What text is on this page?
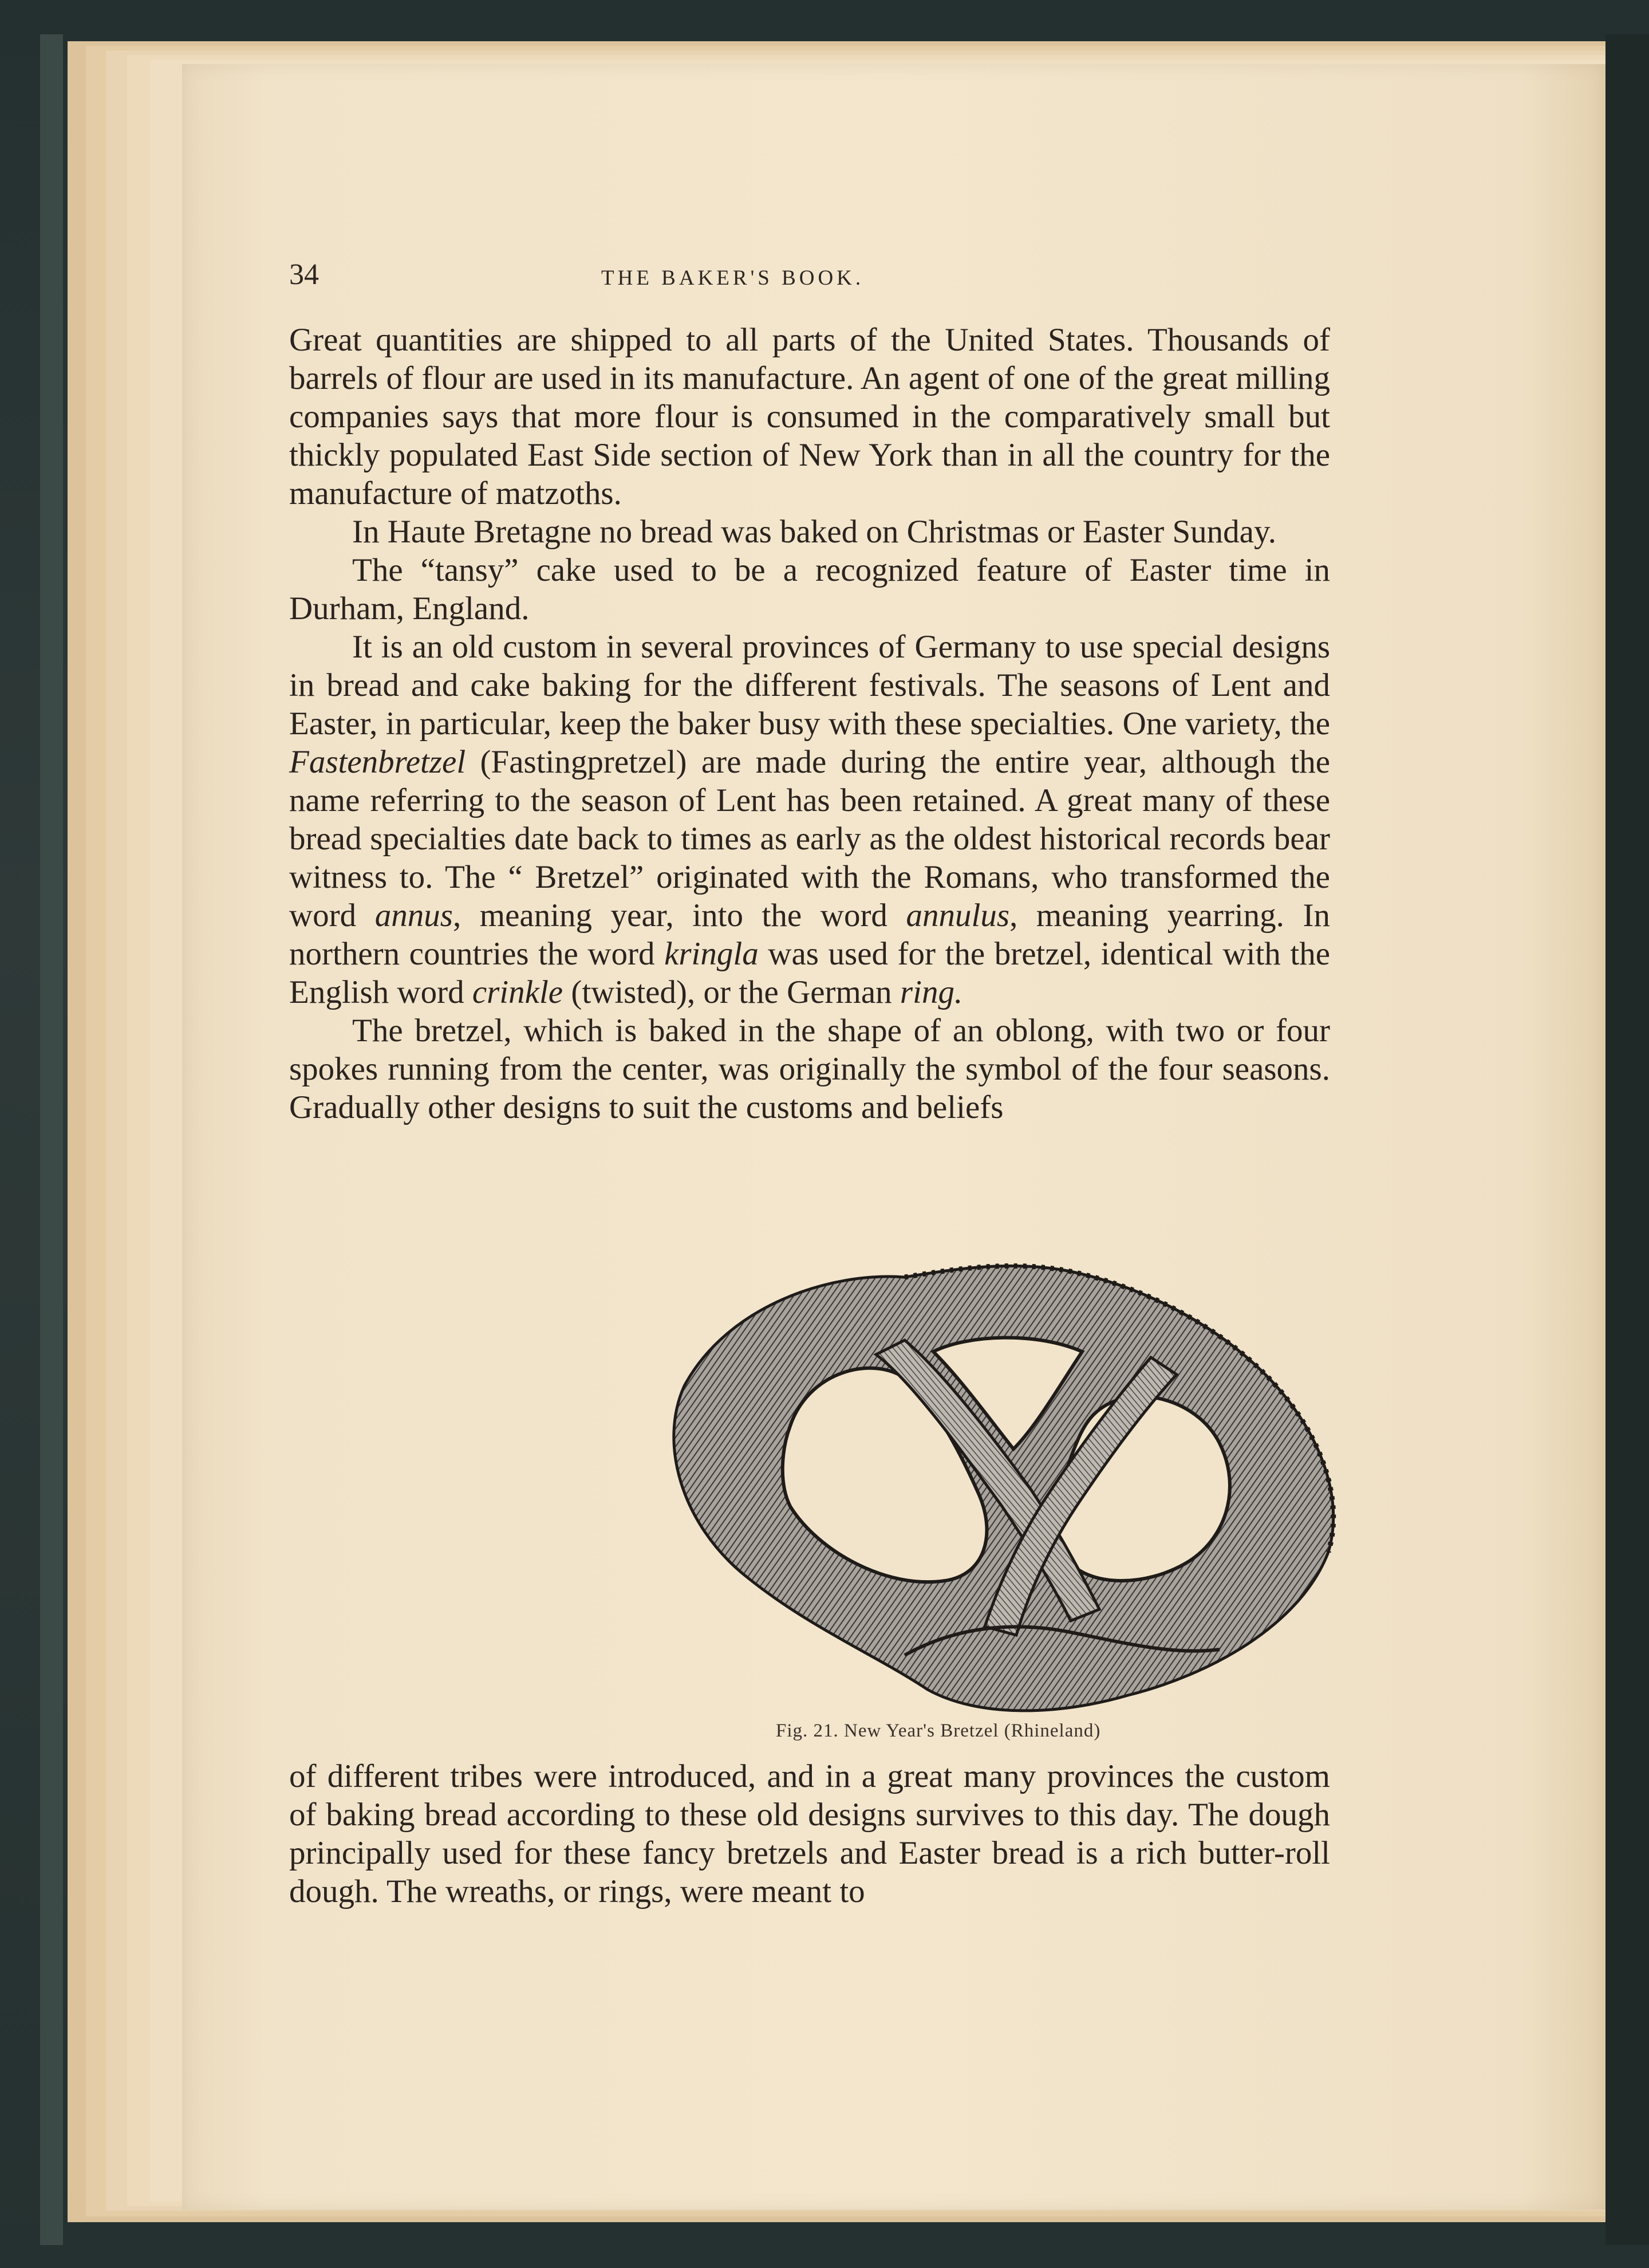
34	THE BAKER'S BOOK.

Great quantities are shipped to all parts of the United States. Thousands of barrels of flour are used in its manufacture. An agent of one of the great milling companies says that more flour is consumed in the comparatively small but thickly populated East Side section of New York than in all the country for the manufacture of matzoths.

In Haute Bretagne no bread was baked on Christmas or Easter Sunday.

The “tansy” cake used to be a recognized feature of Easter time in Durham, England.

It is an old custom in several provinces of Germany to use special designs in bread and cake baking for the different festivals. The seasons of Lent and Easter, in particular, keep the baker busy with these specialties. One variety, the Fastenbretzel (Fastingpretzel) are made during the entire year, although the name referring to the season of Lent has been retained. A great many of these bread specialties date back to times as early as the oldest historical records bear witness to. The “ Bretzel” originated with the Romans, who transformed the word annus, meaning year, into the word annulus, meaning yearring. In northern countries the word kringla was used for the bretzel, identical with the English word crinkle (twisted), or the German ring.

The bretzel, which is baked in the shape of an oblong, with two or four spokes running from the center, was originally the symbol of the four seasons. Gradually other designs to suit the customs and beliefs

Fig. 21. New Year's Bretzel (Rhineland)

of different tribes were introduced, and in a great many provinces the custom of baking bread according to these old designs survives to this day. The dough principally used for these fancy bretzels and Easter bread is a rich butter-roll dough. The wreaths, or rings, were meant to
